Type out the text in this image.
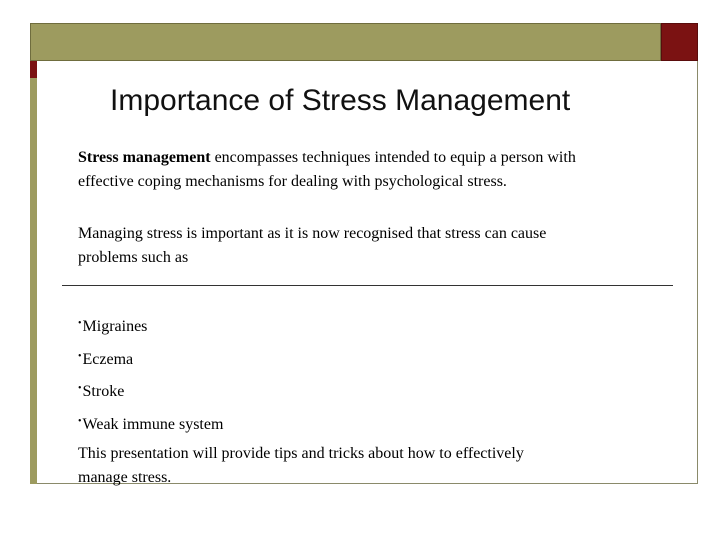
Importance of Stress Management
Stress management encompasses techniques intended to equip a person with effective coping mechanisms for dealing with psychological stress.
Managing stress is important as it is now recognised that stress can cause problems such as
• Migraines
• Eczema
• Stroke
• Weak immune system
This presentation will provide tips and tricks about how to effectively manage stress.
